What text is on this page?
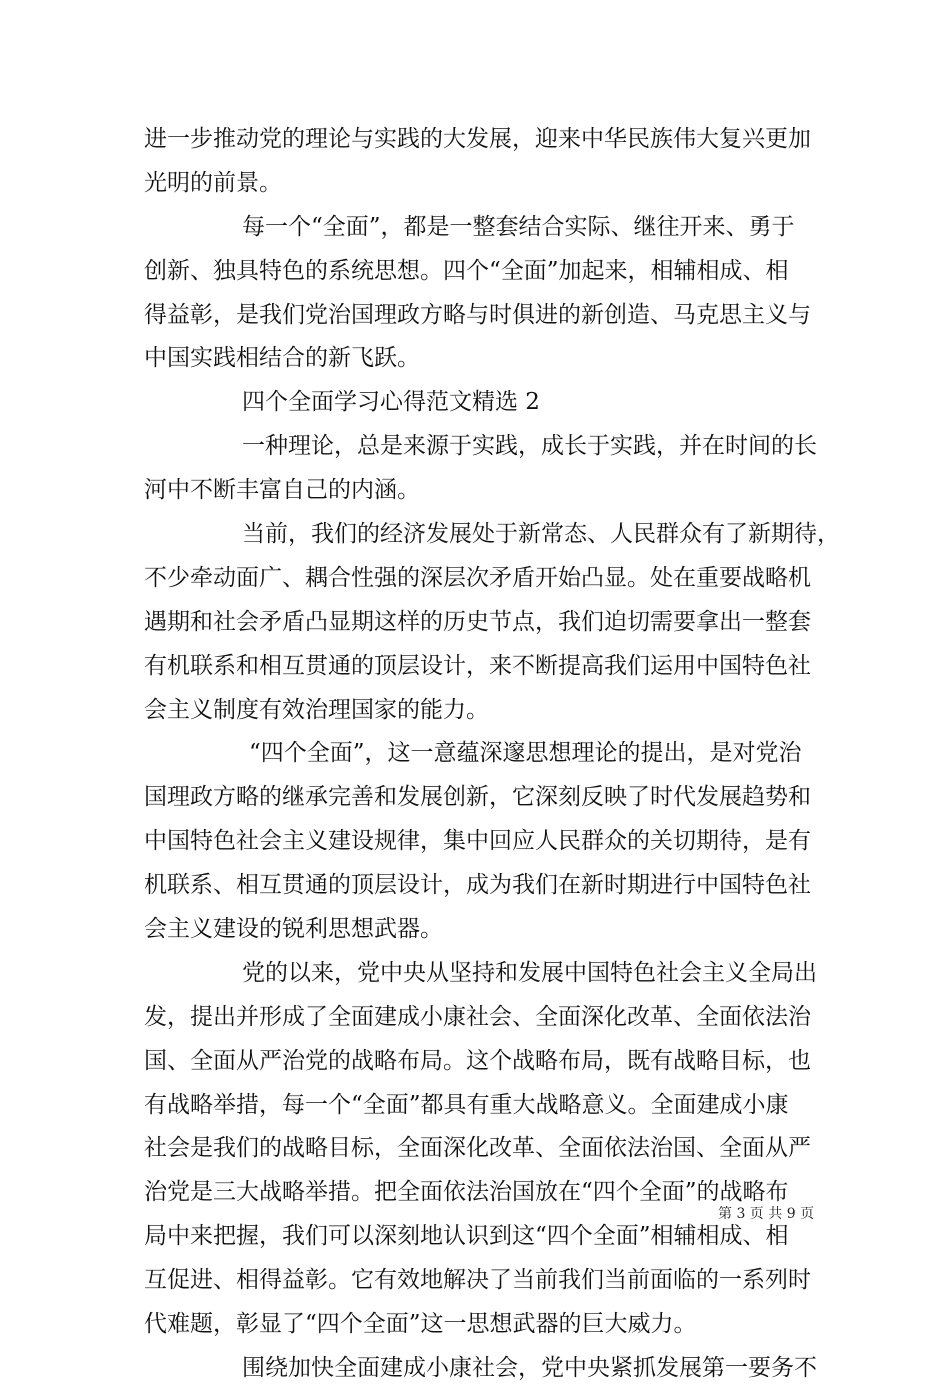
进一步推动党的理论与实践的大发展，迎来中华民族伟大复兴更加
光明的前景。
每一个“全面”，都是一整套结合实际、继往开来、勇于
创新、独具特色的系统思想。四个“全面”加起来，相辅相成、相
得益彰，是我们党治国理政方略与时俱进的新创造、马克思主义与
中国实践相结合的新飞跃。
四个全面学习心得范文精选 2
一种理论，总是来源于实践，成长于实践，并在时间的长
河中不断丰富自己的内涵。
当前，我们的经济发展处于新常态、人民群众有了新期待，
不少牵动面广、耦合性强的深层次矛盾开始凸显。处在重要战略机
遇期和社会矛盾凸显期这样的历史节点，我们迫切需要拿出一整套
有机联系和相互贯通的顶层设计，来不断提高我们运用中国特色社
会主义制度有效治理国家的能力。
“四个全面”，这一意蕴深邃思想理论的提出，是对党治
国理政方略的继承完善和发展创新，它深刻反映了时代发展趋势和
中国特色社会主义建设规律，集中回应人民群众的关切期待，是有
机联系、相互贯通的顶层设计，成为我们在新时期进行中国特色社
会主义建设的锐利思想武器。
党的以来，党中央从坚持和发展中国特色社会主义全局出
发，提出并形成了全面建成小康社会、全面深化改革、全面依法治
国、全面从严治党的战略布局。这个战略布局，既有战略目标，也
有战略举措，每一个“全面”都具有重大战略意义。全面建成小康
社会是我们的战略目标，全面深化改革、全面依法治国、全面从严
治党是三大战略举措。把全面依法治国放在“四个全面”的战略布
局中来把握，我们可以深刻地认识到这“四个全面”相辅相成、相
互促进、相得益彰。它有效地解决了当前我们当前面临的一系列时
代难题，彰显了“四个全面”这一思想武器的巨大威力。
围绕加快全面建成小康社会，党中央紧抓发展第一要务不
第 3 页 共 9 页
